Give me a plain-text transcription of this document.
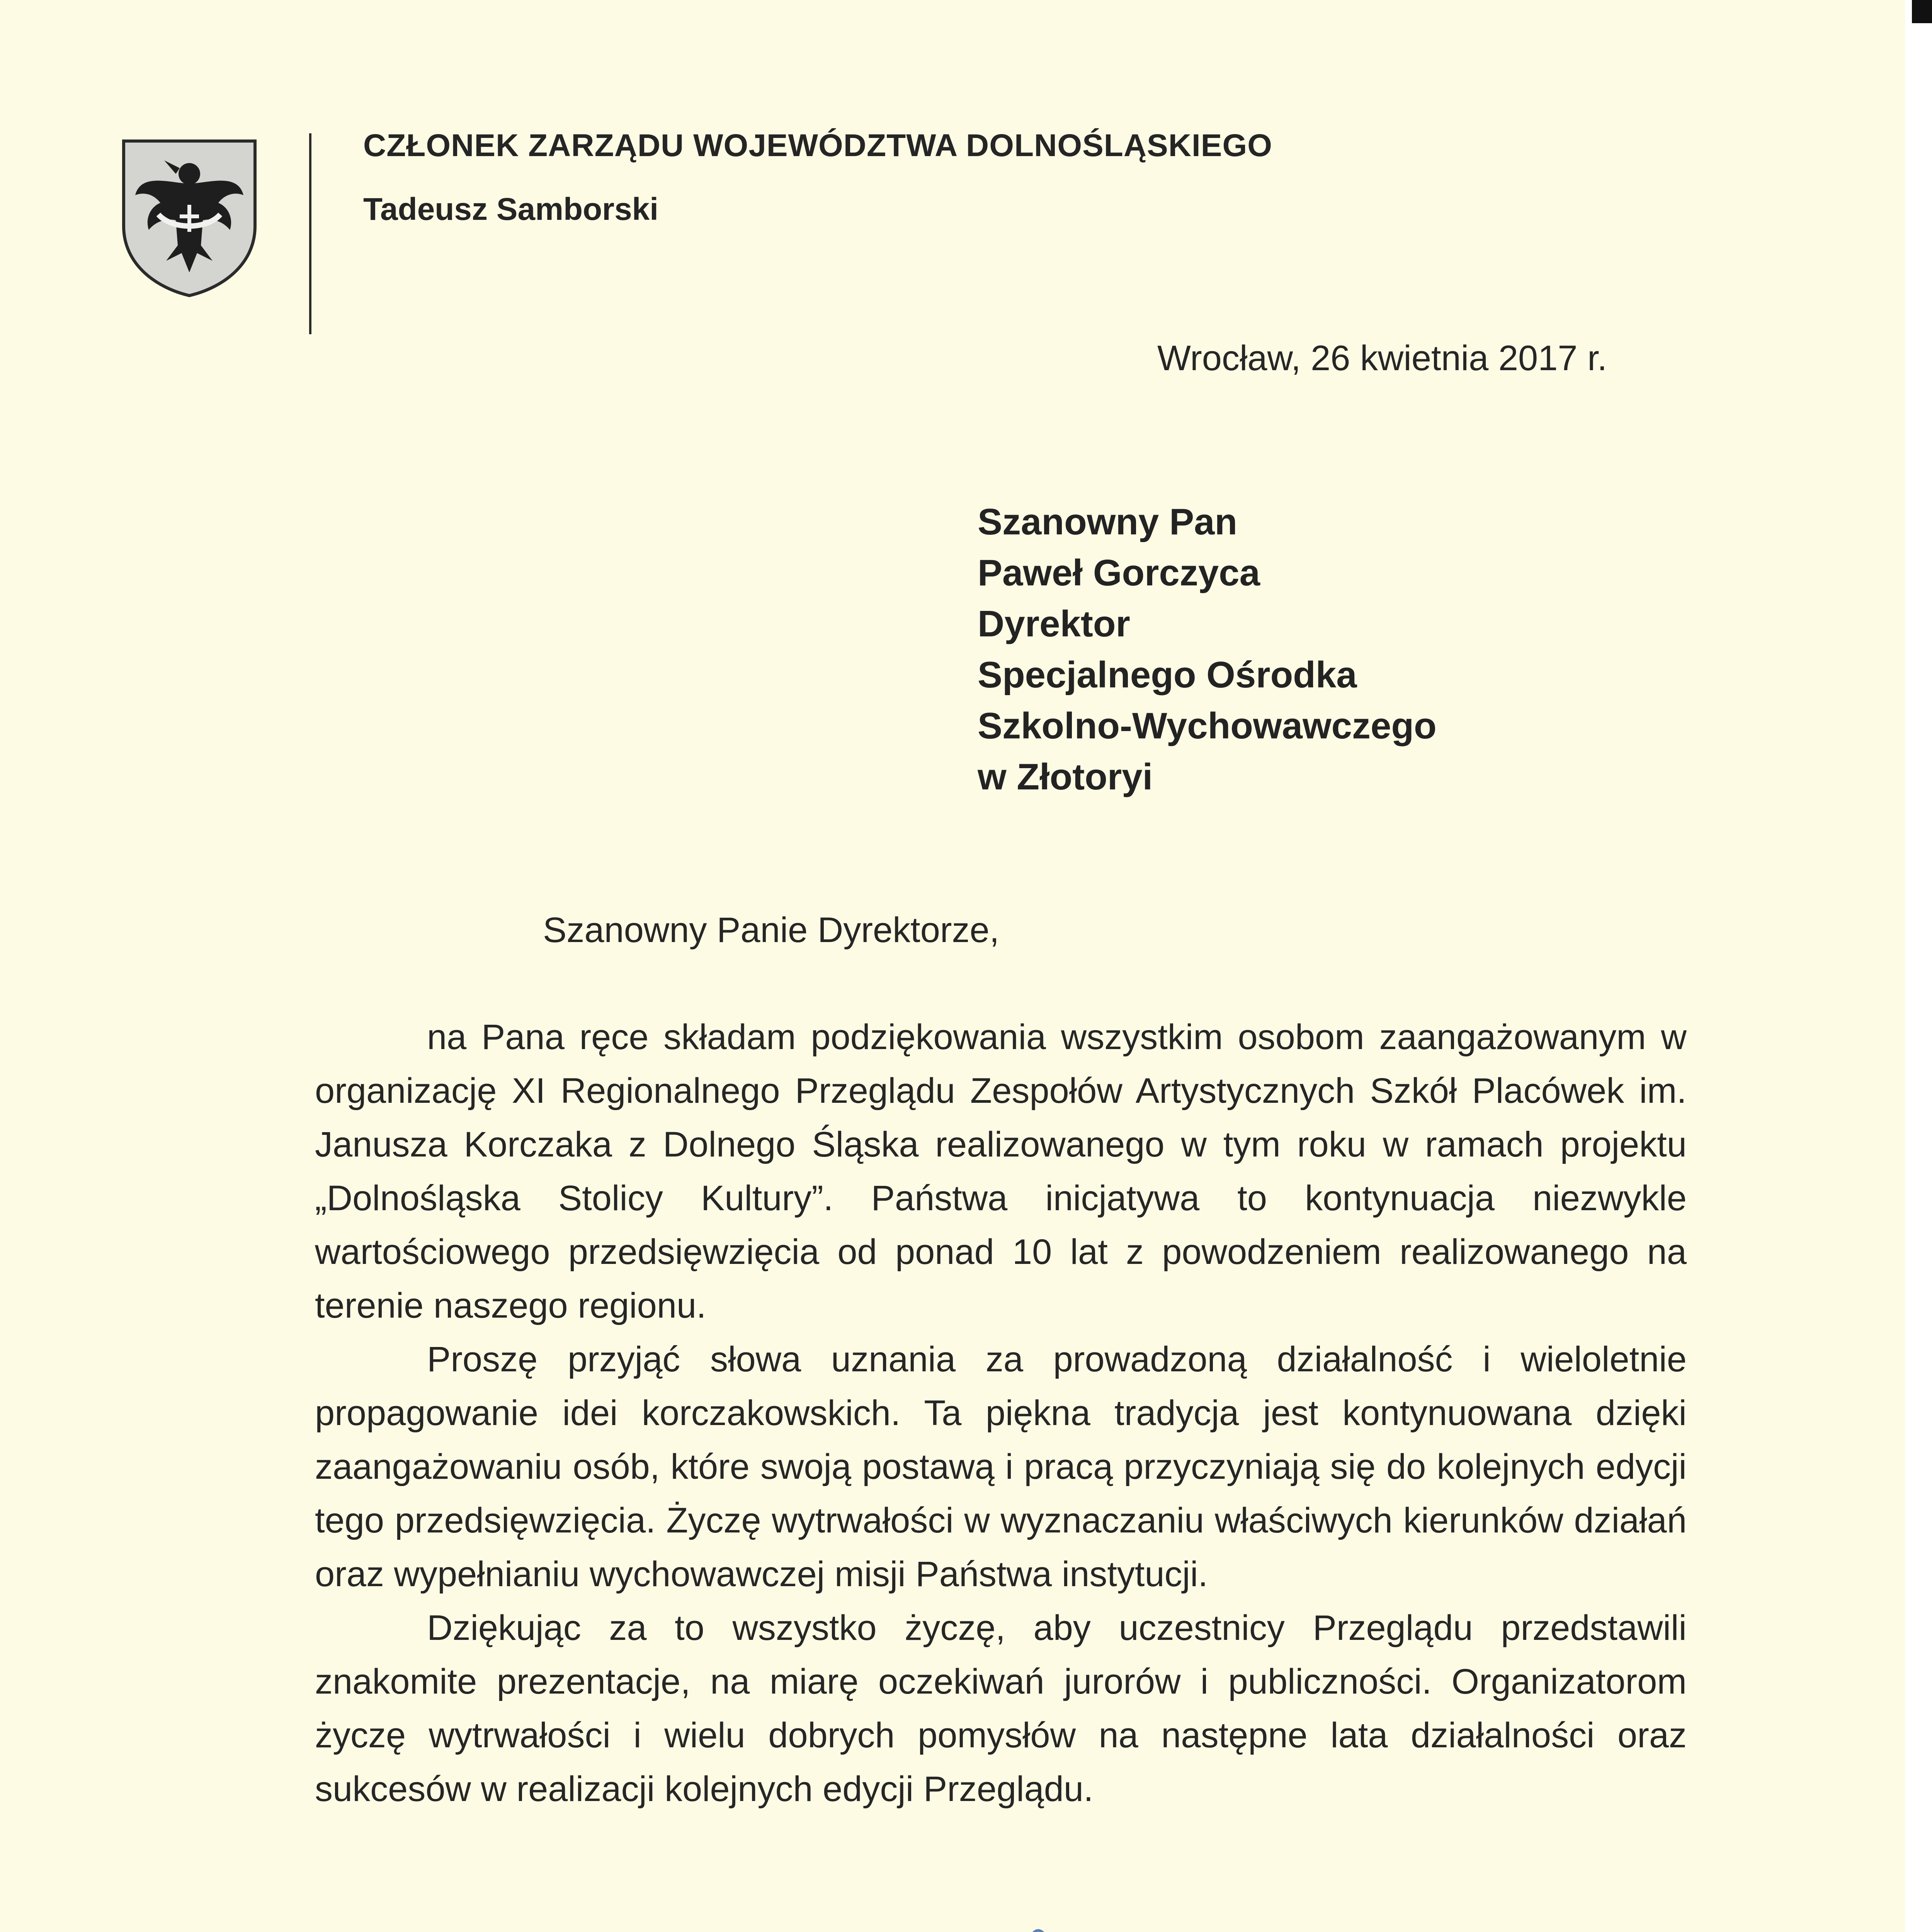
CZŁONEK ZARZĄDU WOJEWÓDZTWA DOLNOŚLĄSKIEGO
Tadeusz Samborski
Wrocław, 26 kwietnia 2017 r.
Szanowny Pan
Paweł Gorczyca
Dyrektor
Specjalnego Ośrodka
Szkolno-Wychowawczego
w Złotoryi
Szanowny Panie Dyrektorze,

na Pana ręce składam podziękowania wszystkim osobom zaangażowanym w organizację XI Regionalnego Przeglądu Zespołów Artystycznych Szkół Placówek im. Janusza Korczaka z Dolnego Śląska realizowanego w tym roku w ramach projektu „Dolnośląska Stolicy Kultury”. Państwa inicjatywa to kontynuacja niezwykle wartościowego przedsięwzięcia od ponad 10 lat z powodzeniem realizowanego na terenie naszego regionu.

Proszę przyjąć słowa uznania za prowadzoną działalność i wieloletnie propagowanie idei korczakowskich. Ta piękna tradycja jest kontynuowana dzięki zaangażowaniu osób, które swoją postawą i pracą przyczyniają się do kolejnych edycji tego przedsięwzięcia. Życzę wytrwałości w wyznaczaniu właściwych kierunków działań oraz wypełnianiu wychowawczej misji Państwa instytucji.

Dziękując za to wszystko życzę, aby uczestnicy Przeglądu przedstawili znakomite prezentacje, na miarę oczekiwań jurorów i publiczności. Organizatorom życzę wytrwałości i wielu dobrych pomysłów na następne lata działalności oraz sukcesów w realizacji kolejnych edycji Przeglądu.
